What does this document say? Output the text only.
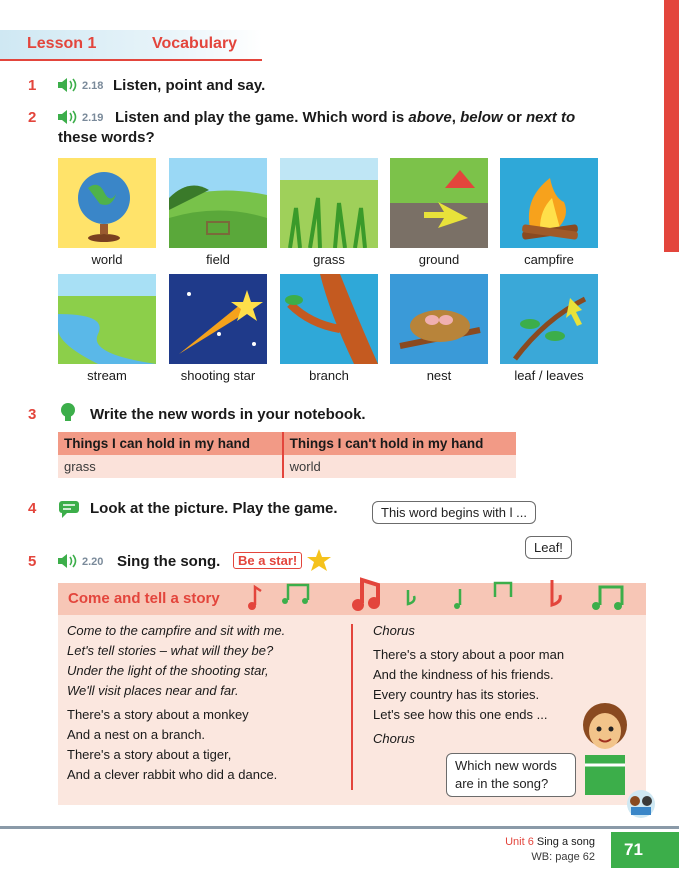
Lesson 1	Vocabulary
1	2.18 Listen, point and say.
2	2.19 Listen and play the game. Which word is above, below or next to
these words?
world	field	grass	ground	campfire
stream	shooting star	branch	nest	leaf / leaves
3	Write the new words in your notebook.
Things I can hold in my hand	Things I can't hold in my hand
grass	world
4	Look at the picture. Play the game.	This word begins with l ...
Leaf!
5	2.20 Sing the song.	Be a star!
Come and tell a story
Come to the campfire and sit with me.
Let's tell stories – what will they be?
Under the light of the shooting star,
We'll visit places near and far.
There's a story about a monkey
And a nest on a branch.
There's a story about a tiger,
And a clever rabbit who did a dance.
Chorus
There's a story about a poor man
And the kindness of his friends.
Every country has its stories.
Let's see how this one ends ...
Chorus
Which new words are in the song?
Unit 6 Sing a song
WB: page 62 71
